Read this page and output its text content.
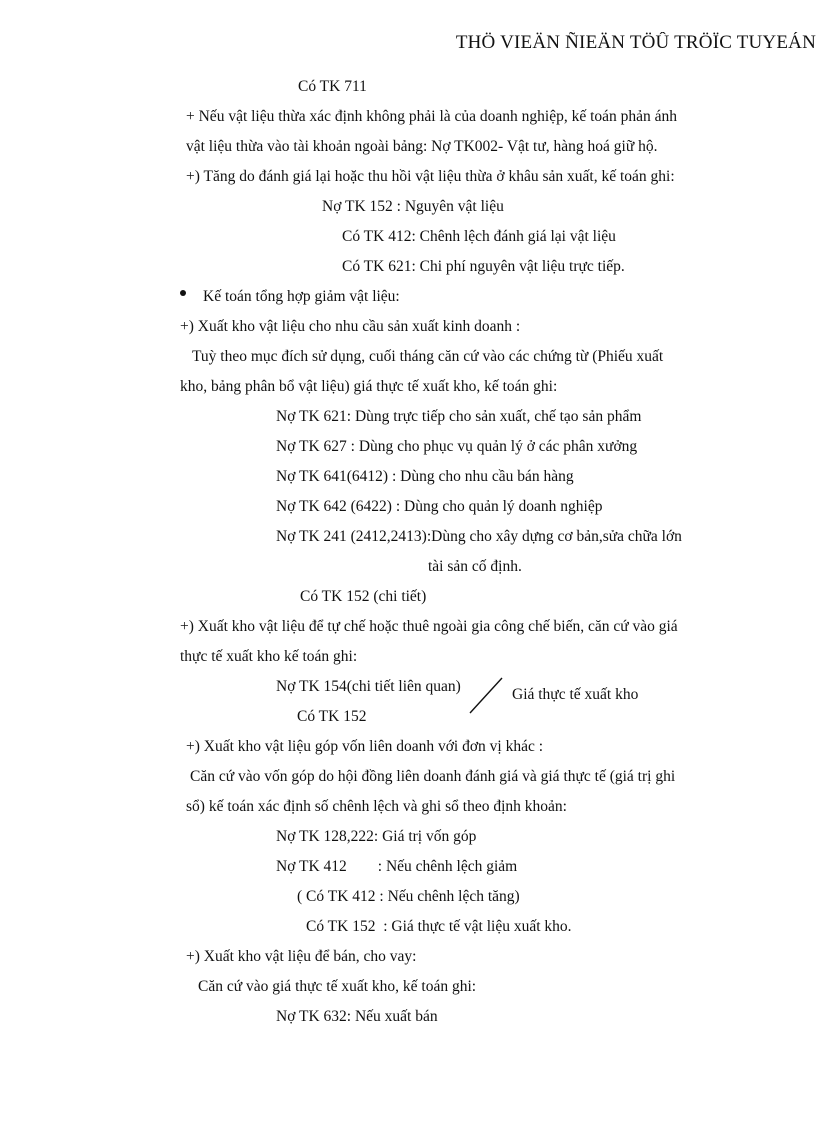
THÖ VIEÄN ÑIEÄN TÖÛ TRÖÏC TUYEÁN
Có TK 711
+ Nếu vật liệu thừa xác định không phải là của doanh nghiệp, kế toán phản ánh
vật liệu thừa vào tài khoản ngoài bảng: Nợ TK002- Vật tư, hàng hoá giữ hộ.
+) Tăng do đánh giá lại hoặc thu hồi vật liệu thừa ở khâu sản xuất, kế toán ghi:
Nợ TK 152 : Nguyên vật liệu
Có TK 412: Chênh lệch đánh giá lại vật liệu
Có TK 621: Chi phí nguyên vật liệu trực tiếp.
Kế toán tổng hợp giảm vật liệu:
+) Xuất kho vật liệu cho nhu cầu sản xuất kinh doanh :
Tuỳ theo mục đích sử dụng, cuối tháng căn cứ vào các chứng từ (Phiếu xuất
kho, bảng phân bổ vật liệu) giá thực tế xuất kho, kế toán ghi:
Nợ TK 621: Dùng trực tiếp cho sản xuất, chế tạo sản phẩm
Nợ TK 627 : Dùng cho phục vụ quản lý ở các phân xưởng
Nợ TK 641(6412) : Dùng cho nhu cầu bán hàng
Nợ TK 642 (6422) : Dùng cho quản lý doanh nghiệp
Nợ TK 241 (2412,2413):Dùng cho xây dựng cơ bản,sửa chữa lớn
tài sản cố định.
Có TK 152 (chi tiết)
+) Xuất kho vật liệu để tự chế hoặc thuê ngoài gia công chế biến, căn cứ vào giá
thực tế xuất kho kế toán ghi:
Nợ TK 154(chi tiết liên quan)	Giá thực tế xuất kho
Có TK 152
+) Xuất kho vật liệu góp vốn liên doanh với đơn vị khác :
Căn cứ vào vốn góp do hội đồng liên doanh đánh giá và giá thực tế (giá trị ghi
sổ) kế toán xác định số chênh lệch và ghi sổ theo định khoản:
Nợ TK 128,222: Giá trị vốn góp
Nợ TK 412        : Nếu chênh lệch giảm
( Có TK 412 : Nếu chênh lệch tăng)
Có TK 152  : Giá thực tế vật liệu xuất kho.
+) Xuất kho vật liệu để bán, cho vay:
Căn cứ vào giá thực tế xuất kho, kế toán ghi:
Nợ TK 632: Nếu xuất bán
